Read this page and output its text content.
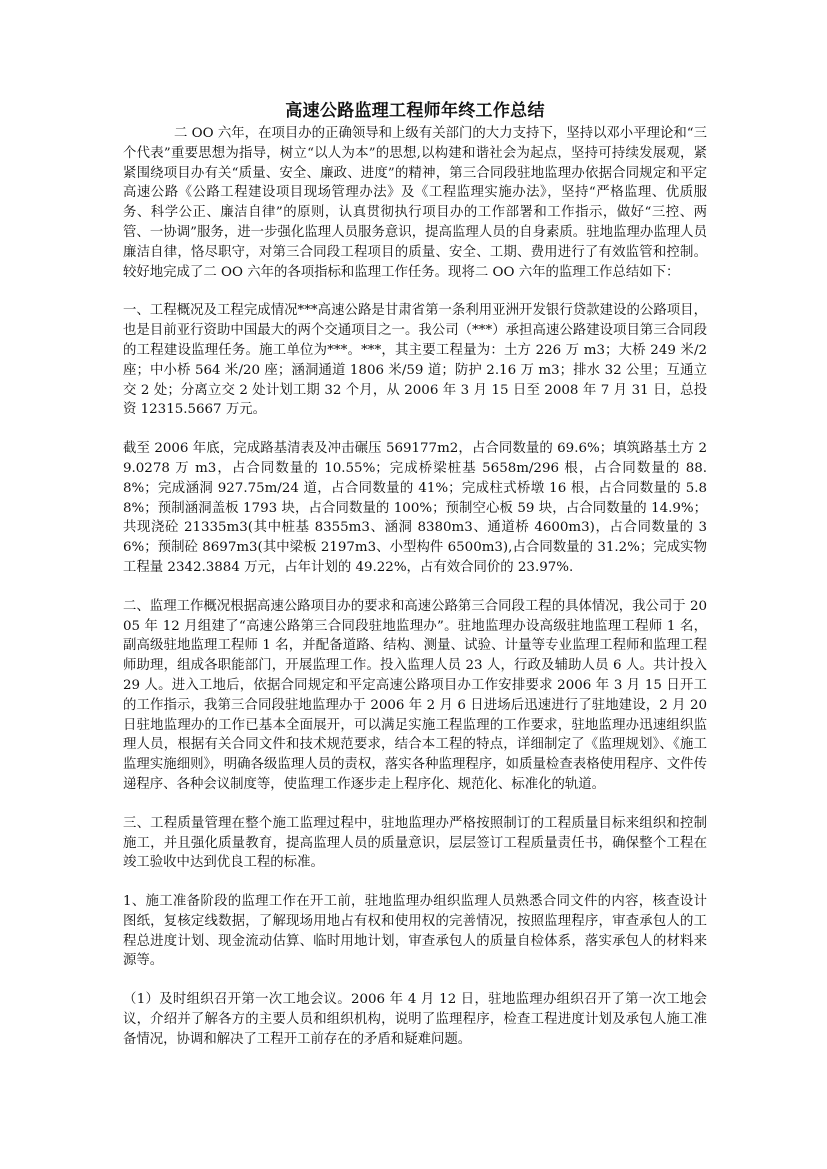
高速公路监理工程师年终工作总结

二 OO 六年，在项目办的正确领导和上级有关部门的大力支持下，坚持以邓小平理论和“三个代表”重要思想为指导，树立“以人为本”的思想,以构建和谐社会为起点，坚持可持续发展观，紧紧围绕项目办有关“质量、安全、廉政、进度”的精神，第三合同段驻地监理办依据合同规定和平定高速公路《公路工程建设项目现场管理办法》及《工程监理实施办法》，坚持“严格监理、优质服务、科学公正、廉洁自律”的原则，认真贯彻执行项目办的工作部署和工作指示，做好“三控、两管、一协调”服务，进一步强化监理人员服务意识，提高监理人员的自身素质。驻地监理办监理人员廉洁自律，恪尽职守，对第三合同段工程项目的质量、安全、工期、费用进行了有效监管和控制。较好地完成了二 OO 六年的各项指标和监理工作任务。现将二 OO 六年的监理工作总结如下：

一、工程概况及工程完成情况***高速公路是甘肃省第一条利用亚洲开发银行贷款建设的公路项目，也是目前亚行资助中国最大的两个交通项目之一。我公司（***）承担高速公路建设项目第三合同段的工程建设监理任务。施工单位为***。***，其主要工程量为：土方 226 万 m3；大桥 249 米/2 座；中小桥 564 米/20 座；涵洞通道 1806 米/59 道；防护 2.16 万 m3；排水 32 公里；互通立交 2 处；分离立交 2 处计划工期 32 个月，从 2006 年 3 月 15 日至 2008 年 7 月 31 日，总投资 12315.5667 万元。

截至 2006 年底，完成路基清表及冲击碾压 569177m2，占合同数量的 69.6%；填筑路基土方 29.0278 万 m3，占合同数量的 10.55%；完成桥梁桩基 5658m/296 根，占合同数量的 88.8%；完成涵洞 927.75m/24 道，占合同数量的 41%；完成柱式桥墩 16 根，占合同数量的 5.88%；预制涵洞盖板 1793 块，占合同数量的 100%；预制空心板 59 块，占合同数量的 14.9%；共现浇砼 21335m3(其中桩基 8355m3、涵洞 8380m3、通道桥 4600m3)，占合同数量的 36%；预制砼 8697m3(其中梁板 2197m3、小型构件 6500m3),占合同数量的 31.2%；完成实物工程量 2342.3884 万元，占年计划的 49.22%，占有效合同价的 23.97%.

二、监理工作概况根据高速公路项目办的要求和高速公路第三合同段工程的具体情况，我公司于 2005 年 12 月组建了“高速公路第三合同段驻地监理办”。驻地监理办设高级驻地监理工程师 1 名，副高级驻地监理工程师 1 名，并配备道路、结构、测量、试验、计量等专业监理工程师和监理工程师助理，组成各职能部门，开展监理工作。投入监理人员 23 人，行政及辅助人员 6 人。共计投入 29 人。进入工地后，依据合同规定和平定高速公路项目办工作安排要求 2006 年 3 月 15 日开工的工作指示，我第三合同段驻地监理办于 2006 年 2 月 6 日进场后迅速进行了驻地建设，2 月 20 日驻地监理办的工作已基本全面展开，可以满足实施工程监理的工作要求，驻地监理办迅速组织监理人员，根据有关合同文件和技术规范要求，结合本工程的特点，详细制定了《监理规划》、《施工监理实施细则》，明确各级监理人员的责权，落实各种监理程序，如质量检查表格使用程序、文件传递程序、各种会议制度等，使监理工作逐步走上程序化、规范化、标准化的轨道。

三、工程质量管理在整个施工监理过程中，驻地监理办严格按照制订的工程质量目标来组织和控制施工，并且强化质量教育，提高监理人员的质量意识，层层签订工程质量责任书，确保整个工程在竣工验收中达到优良工程的标准。

1、施工准备阶段的监理工作在开工前，驻地监理办组织监理人员熟悉合同文件的内容，核查设计图纸，复核定线数据，了解现场用地占有权和使用权的完善情况，按照监理程序，审查承包人的工程总进度计划、现金流动估算、临时用地计划，审查承包人的质量自检体系，落实承包人的材料来源等。

（1）及时组织召开第一次工地会议。2006 年 4 月 12 日，驻地监理办组织召开了第一次工地会议，介绍并了解各方的主要人员和组织机构，说明了监理程序，检查工程进度计划及承包人施工准备情况，协调和解决了工程开工前存在的矛盾和疑难问题。
